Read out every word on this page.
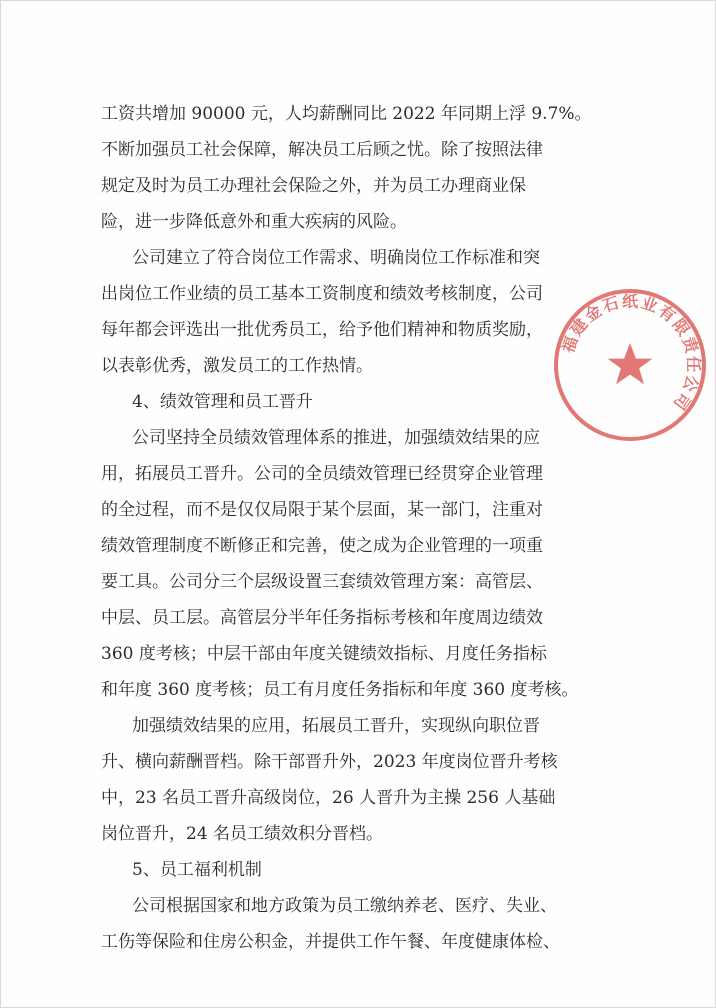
工资共增加 90000 元，人均薪酬同比 2022 年同期上浮 9.7%。
不断加强员工社会保障，解决员工后顾之忧。除了按照法律
规定及时为员工办理社会保险之外，并为员工办理商业保
险，进一步降低意外和重大疾病的风险。
公司建立了符合岗位工作需求、明确岗位工作标准和突
出岗位工作业绩的员工基本工资制度和绩效考核制度，公司
每年都会评选出一批优秀员工，给予他们精神和物质奖励，
以表彰优秀，激发员工的工作热情。
4、绩效管理和员工晋升
公司坚持全员绩效管理体系的推进，加强绩效结果的应
用，拓展员工晋升。公司的全员绩效管理已经贯穿企业管理
的全过程，而不是仅仅局限于某个层面，某一部门，注重对
绩效管理制度不断修正和完善，使之成为企业管理的一项重
要工具。公司分三个层级设置三套绩效管理方案：高管层、
中层、员工层。高管层分半年任务指标考核和年度周边绩效
360 度考核；中层干部由年度关键绩效指标、月度任务指标
和年度 360 度考核；员工有月度任务指标和年度 360 度考核。
加强绩效结果的应用，拓展员工晋升，实现纵向职位晋
升、横向薪酬晋档。除干部晋升外，2023 年度岗位晋升考核
中，23 名员工晋升高级岗位，26 人晋升为主操 256 人基础
岗位晋升，24 名员工绩效积分晋档。
5、员工福利机制
公司根据国家和地方政策为员工缴纳养老、医疗、失业、
工伤等保险和住房公积金，并提供工作午餐、年度健康体检、
福建金石纸业有限责任公司
